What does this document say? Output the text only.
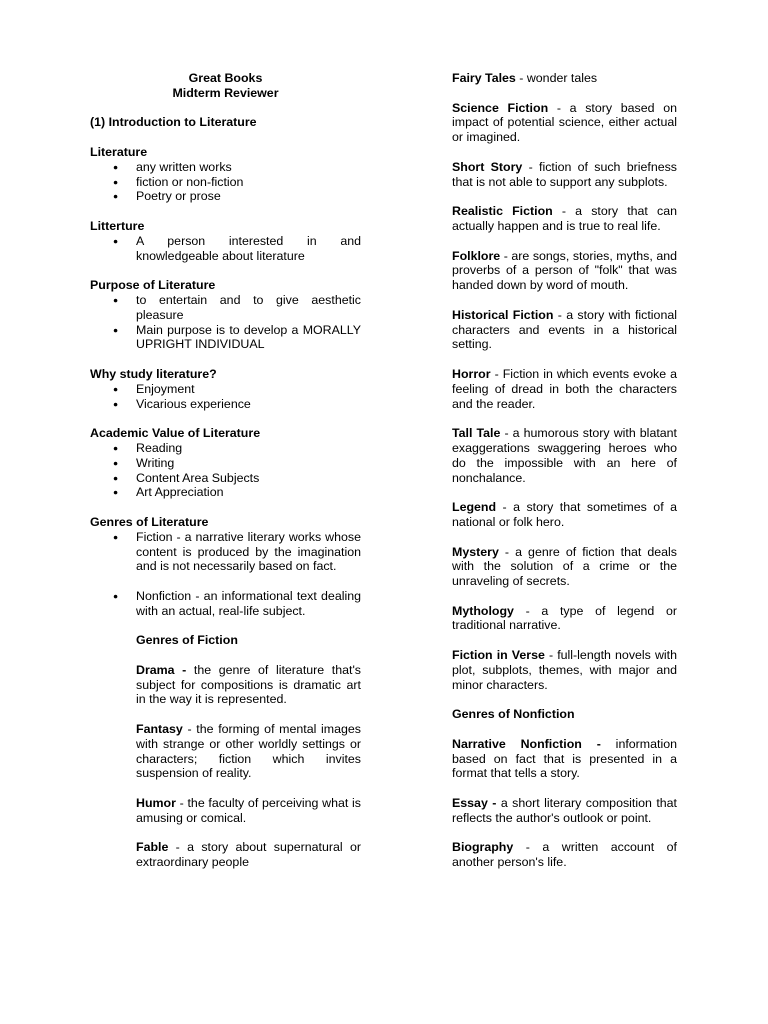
Great Books
Midterm Reviewer
(1) Introduction to Literature
Literature
● any written works
● fiction or non-fiction
● Poetry or prose
Litterture
● A person interested in and knowledgeable about literature
Purpose of Literature
● to entertain and to give aesthetic pleasure
● Main purpose is to develop a MORALLY UPRIGHT INDIVIDUAL
Why study literature?
● Enjoyment
● Vicarious experience
Academic Value of Literature
● Reading
● Writing
● Content Area Subjects
● Art Appreciation
Genres of Literature
● Fiction - a narrative literary works whose content is produced by the imagination and is not necessarily based on fact.
● Nonfiction - an informational text dealing with an actual, real-life subject.
Genres of Fiction
Drama - the genre of literature that's subject for compositions is dramatic art in the way it is represented.
Fantasy - the forming of mental images with strange or other worldly settings or characters; fiction which invites suspension of reality.
Humor - the faculty of perceiving what is amusing or comical.
Fable - a story about supernatural or extraordinary people
Fairy Tales - wonder tales
Science Fiction - a story based on impact of potential science, either actual or imagined.
Short Story - fiction of such briefness that is not able to support any subplots.
Realistic Fiction - a story that can actually happen and is true to real life.
Folklore - are songs, stories, myths, and proverbs of a person of "folk" that was handed down by word of mouth.
Historical Fiction - a story with fictional characters and events in a historical setting.
Horror - Fiction in which events evoke a feeling of dread in both the characters and the reader.
Tall Tale - a humorous story with blatant exaggerations swaggering heroes who do the impossible with an here of nonchalance.
Legend - a story that sometimes of a national or folk hero.
Mystery - a genre of fiction that deals with the solution of a crime or the unraveling of secrets.
Mythology - a type of legend or traditional narrative.
Fiction in Verse - full-length novels with plot, subplots, themes, with major and minor characters.
Genres of Nonfiction
Narrative Nonfiction - information based on fact that is presented in a format that tells a story.
Essay - a short literary composition that reflects the author's outlook or point.
Biography - a written account of another person's life.
